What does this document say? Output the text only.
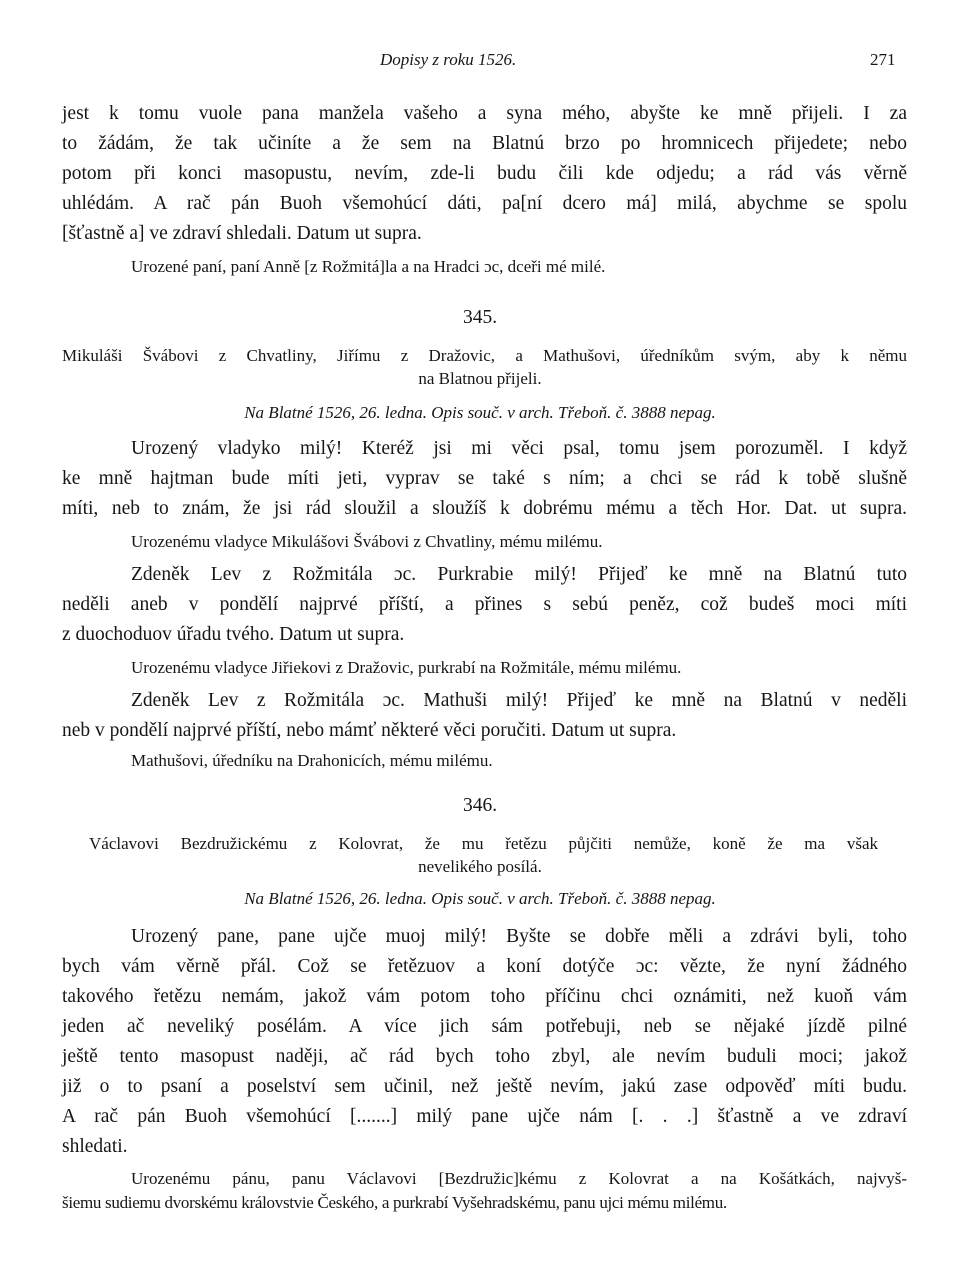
Dopisy z roku 1526.	271
jest k tomu vuole pana manžela vašeho a syna mého, abyšte ke mně přijeli. I za
to žádám, že tak učiníte a že sem na Blatnú brzo po hromnicech přijedete; nebo
potom při konci masopustu, nevím, zde-li budu čili kde odjedu; a rád vás věrně
uhlédám. A rač pán Buoh všemohúcí dáti, pa[ní dcero má] milá, abychme se spolu
[šťastně a] ve zdraví shledali. Datum ut supra.
Urozené paní, paní Anně [z Rožmitá]la a na Hradci ɔc, dceři mé milé.
345.
Mikuláši Švábovi z Chvatliny, Jiřímu z Dražovic, a Mathušovi, úředníkům svým, aby k němu
na Blatnou přijeli.
Na Blatné 1526, 26. ledna. Opis souč. v arch. Třeboň. č. 3888 nepag.
Urozený vladyko milý! Kteréž jsi mi věci psal, tomu jsem porozuměl. I když
ke mně hajtman bude míti jeti, vyprav se také s ním; a chci se rád k tobě slušně
míti, neb to znám, že jsi rád sloužil a sloužíš k dobrému mému a těch Hor. Dat. ut supra.
Urozenému vladyce Mikulášovi Švábovi z Chvatliny, mému milému.
Zdeněk Lev z Rožmitála ɔc. Purkrabie milý! Přijeď ke mně na Blatnú tuto
neděli aneb v pondělí najprvé příští, a přines s sebú peněz, což budeš moci míti
z duochoduov úřadu tvého. Datum ut supra.
Urozenému vladyce Jiřiekovi z Dražovic, purkrabí na Rožmitále, mému milému.
Zdeněk Lev z Rožmitála ɔc. Mathuši milý! Přijeď ke mně na Blatnú v neděli
neb v pondělí najprvé příští, nebo mámť některé věci poručiti. Datum ut supra.
Mathušovi, úředníku na Drahonicích, mému milému.
346.
Václavovi Bezdružickému z Kolovrat, že mu řetězu půjčiti nemůže, koně že ma však
nevelikého posílá.
Na Blatné 1526, 26. ledna. Opis souč. v arch. Třeboň. č. 3888 nepag.
Urozený pane, pane ujče muoj milý! Byšte se dobře měli a zdrávi byli, toho
bych vám věrně přál. Což se řetězuov a koní dotýče ɔc: vězte, že nyní žádného
takového řetězu nemám, jakož vám potom toho příčinu chci oznámiti, než kuoň vám
jeden ač neveliký posélám. A více jich sám potřebuji, neb se nějaké jízdě pilné
ještě tento masopust naději, ač rád bych toho zbyl, ale nevím buduli moci; jakož
již o to psaní a poselství sem učinil, než ještě nevím, jakú zase odpověď míti budu.
A rač pán Buoh všemohúcí [.......] milý pane ujče nám [. . .] šťastně a ve zdraví
shledati.
Urozenému pánu, panu Václavovi [Bezdružic]kému z Kolovrat a na Košátkách, najvyš-
šiemu sudiemu dvorskému královstvie Českého, a purkrabí Vyšehradskému, panu ujci mému milému.
